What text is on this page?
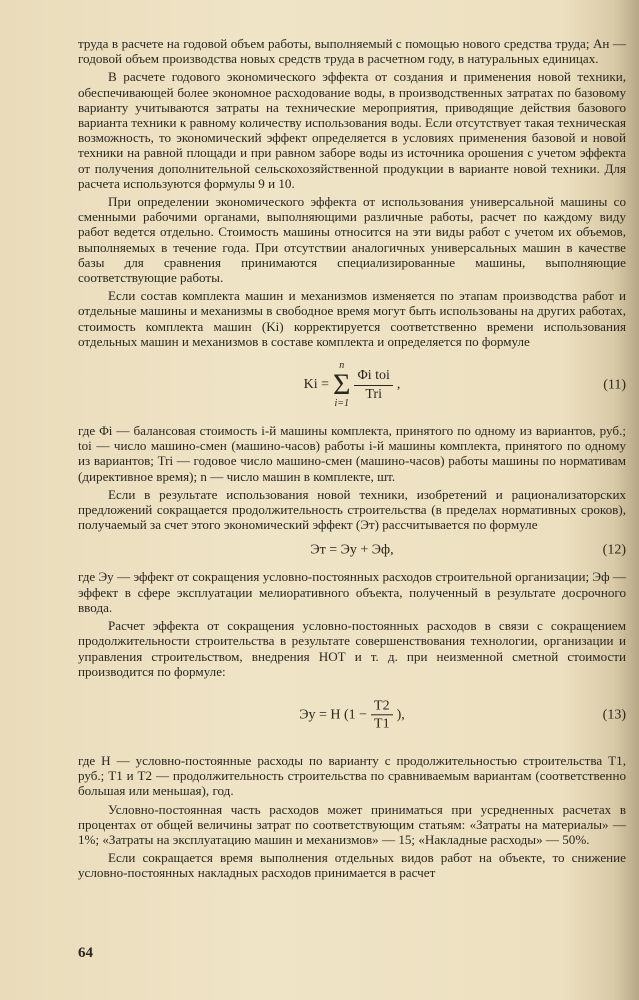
труда в расчете на годовой объем работы, выполняемый с помощью нового средства труда; Aн — годовой объем производства новых средств труда в расчетном году, в натуральных единицах.

В расчете годового экономического эффекта от создания и применения новой техники, обеспечивающей более экономное расходование воды, в производственных затратах по базовому варианту учитываются затраты на технические мероприятия, приводящие действия базового варианта техники к равному количеству использования воды. Если отсутствует такая техническая возможность, то экономический эффект определяется в условиях применения базовой и новой техники на равной площади и при равном заборе воды из источника орошения с учетом эффекта от получения дополнительной сельскохозяйственной продукции в варианте новой техники. Для расчета используются формулы 9 и 10.

При определении экономического эффекта от использования универсальной машины со сменными рабочими органами, выполняющими различные работы, расчет по каждому виду работ ведется отдельно. Стоимость машины относится на эти виды работ с учетом их объемов, выполняемых в течение года. При отсутствии аналогичных универсальных машин в качестве базы для сравнения принимаются специализированные машины, выполняющие соответствующие работы.

Если состав комплекта машин и механизмов изменяется по этапам производства работ и отдельные машины и механизмы в свободное время могут быть использованы на других работах, стоимость комплекта машин (Ki) корректируется соответственно времени использования отдельных машин и механизмов в составе комплекта и определяется по формуле

Ki =
n
Σ
i=1
$\frac{\text{Φi toi}}{\text{Tri}}$ ,	(11)

где Φi — балансовая стоимость i-й машины комплекта, принятого по одному из вариантов, руб.; toi — число машино-смен (машино-часов) работы i-й машины комплекта, принятого по одному из вариантов; Tri — годовое число машино-смен (машино-часов) работы машины по нормативам (директивное время); n — число машин в комплекте, шт.

Если в результате использования новой техники, изобретений и рационализаторских предложений сокращается продолжительность строительства (в пределах нормативных сроков), получаемый за счет этого экономический эффект (Эт) рассчитывается по формуле

Эт = Эу + Эф,	(12)

где Эу — эффект от сокращения условно-постоянных расходов строительной организации; Эф — эффект в сфере эксплуатации мелиоративного объекта, полученный в результате досрочного ввода.

Расчет эффекта от сокращения условно-постоянных расходов в связи с сокращением продолжительности строительства в результате совершенствования технологии, организации и управления строительством, внедрения НОТ и т. д. при неизменной сметной стоимости производится по формуле:

Эу = Н ($1 - \frac{T2}{T1}$ ),	(13)

где Н — условно-постоянные расходы по варианту с продолжительностью строительства T1, руб.; T1 и T2 — продолжительность строительства по сравниваемым вариантам (соответственно большая или меньшая), год.

Условно-постоянная часть расходов может приниматься при усредненных расчетах в процентах от общей величины затрат по соответствующим статьям: «Затраты на материалы» — 1%; «Затраты на эксплуатацию машин и механизмов» — 15; «Накладные расходы» — 50%.

Если сокращается время выполнения отдельных видов работ на объекте, то снижение условно-постоянных накладных расходов принимается в расчет

64
